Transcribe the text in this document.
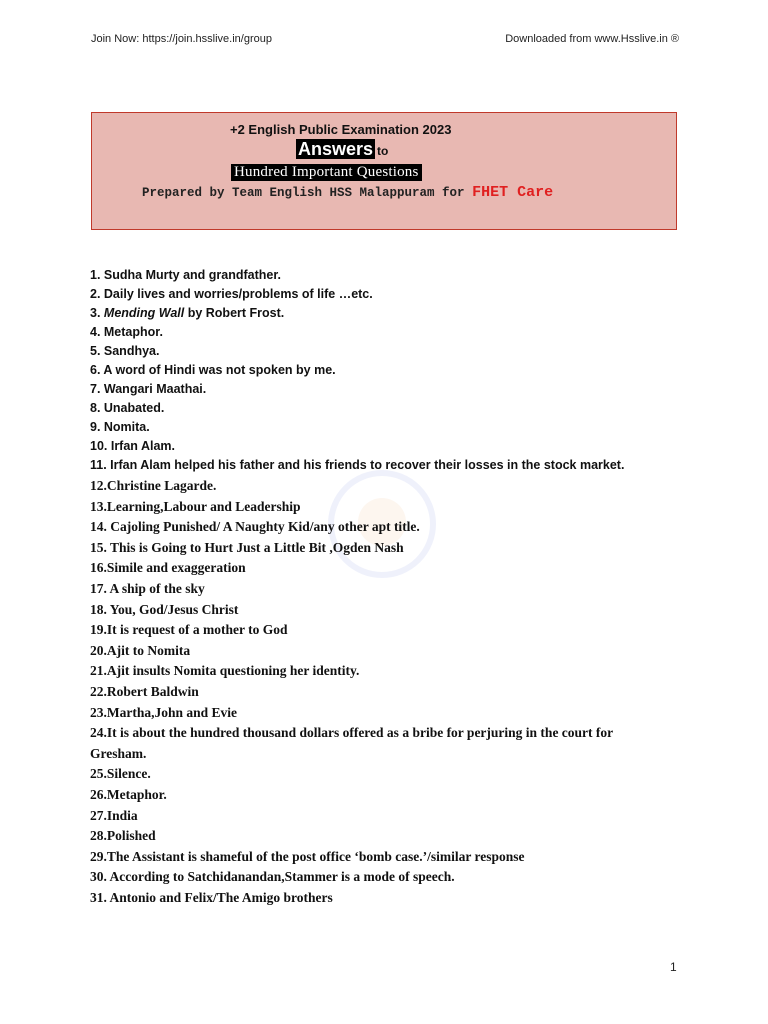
Join Now: https://join.hsslive.in/group	Downloaded from www.Hsslive.in ®
+2 English Public Examination 2023
Answers to
Hundred Important Questions
Prepared by Team English HSS Malappuram for FHET Care

1. Sudha Murty and grandfather.

2. Daily lives and worries/problems of life …etc.

3. Mending Wall by Robert Frost.

4. Metaphor.

5. Sandhya.

6. A word of Hindi was not spoken by me.

7. Wangari Maathai.

8. Unabated.

9. Nomita.

10. Irfan Alam.

11. Irfan Alam helped his father and his friends to recover their losses in the stock market.

12.Christine Lagarde.

13.Learning,Labour and Leadership

14. Cajoling Punished/ A Naughty Kid/any other apt title.

15. This is Going to Hurt Just a Little Bit ,Ogden Nash

16.Simile and exaggeration

17. A ship of the sky

18. You, God/Jesus Christ

19.It is request of a mother to God

20.Ajit to Nomita

21.Ajit insults Nomita questioning her identity.

22.Robert Baldwin

23.Martha,John and Evie

24.It is about the hundred thousand dollars offered as a bribe for perjuring in the court for Gresham.

25.Silence.

26.Metaphor.

27.India

28.Polished

29.The Assistant is shameful of the post office ‘bomb case.’/similar response

30. According to Satchidanandan,Stammer is a mode of speech.

31. Antonio and Felix/The Amigo brothers

1
